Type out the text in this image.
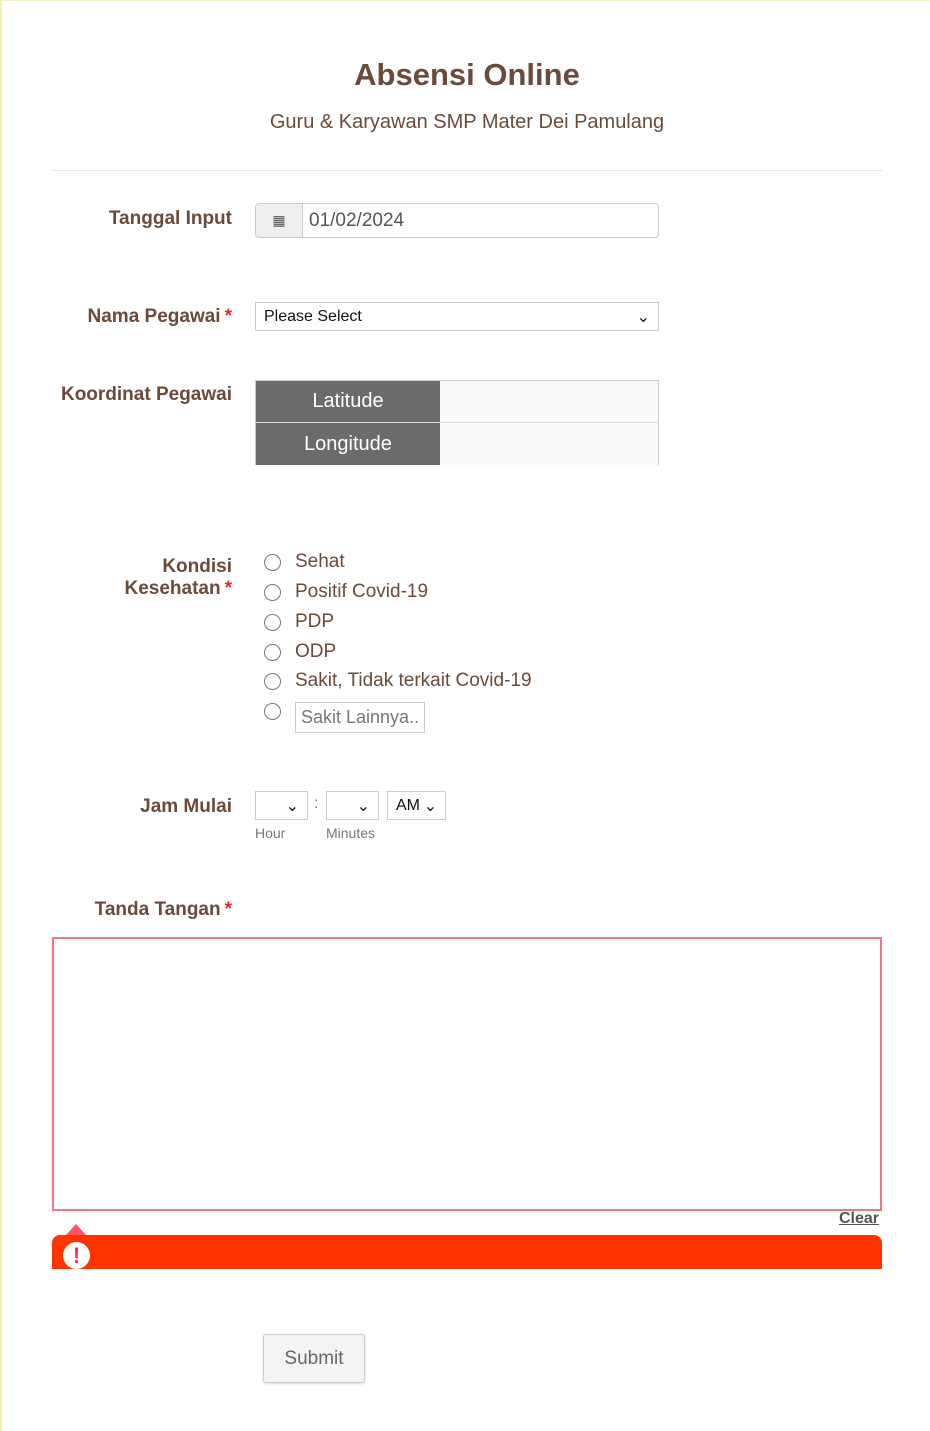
Absensi Online
Guru & Karyawan SMP Mater Dei Pamulang
Tanggal Input	▦	01/02/2024
Nama Pegawai * Please Select	⌄
Koordinat Pegawai	Latitude
Longitude
Kondisi
Kesehatan *
Sehat
Positif Covid-19
PDP
ODP
Sakit, Tidak terkait Covid-19
Sakit Lainnya..
Jam Mulai	⌄ : ⌄ AM ⌄
Hour	Minutes
Tanda Tangan *
Clear
!
Submit
